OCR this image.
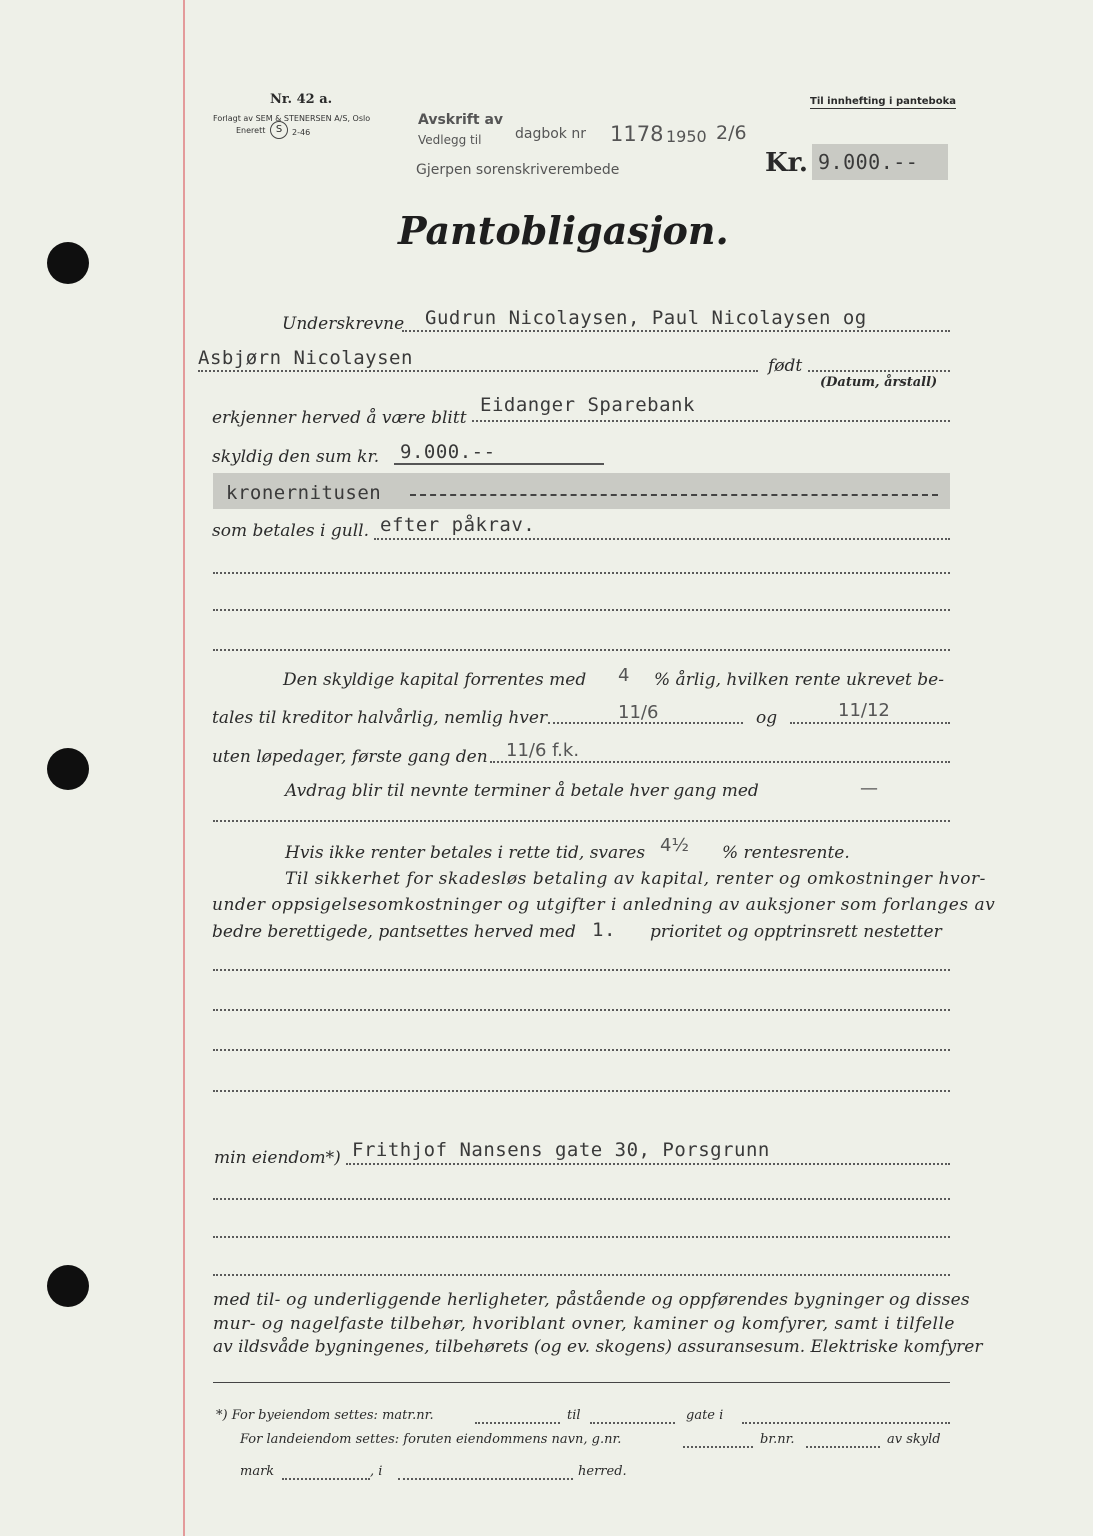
Nr. 42 a.
Forlagt av SEM & STENERSEN A/S, Oslo
Enerett	S	2-46
Til innhefting i panteboka
Avskrift av
Vedlegg til dagbok nr 1178 1950 2/6
Gjerpen sorenskriverembede	Kr. 9.000.--
Pantobligasjon.
Underskrevne Gudrun Nicolaysen, Paul Nicolaysen og
Asbjørn Nicolaysen	født
(Datum, årstall)
erkjenner herved å være blitt
Eidanger Sparebank
skyldig den sum kr. 9.000.--
kronernitusen
som betales i gull. efter påkrav.
Den skyldige kapital forrentes med 4 % årlig, hvilken rente ukrevet be-
tales til kreditor halvårlig, nemlig hver	11/6	og	11/12
uten løpedager, første gang den 11/6 f.k.
Avdrag blir til nevnte terminer å betale hver gang med	—
Hvis ikke renter betales i rette tid, svares 4½ % rentesrente.
Til sikkerhet for skadesløs betaling av kapital, renter og omkostninger hvor-
under oppsigelsesomkostninger og utgifter i anledning av auksjoner som forlanges av
bedre berettigede, pantsettes herved med 1. prioritet og opptrinsrett nestetter
min eiendom*) Frithjof Nansens gate 30, Porsgrunn
med til- og underliggende herligheter, påstående og oppførendes bygninger og disses
mur- og nagelfaste tilbehør, hvoriblant ovner, kaminer og komfyrer, samt i tilfelle
av ildsvåde bygningenes, tilbehørets (og ev. skogens) assuransesum. Elektriske komfyrer
*) For byeiendom settes: matr.nr.	til	gate i
For landeiendom settes: foruten eiendommens navn, g.nr.	br.nr.	av skyld
mark	, i	herred.
